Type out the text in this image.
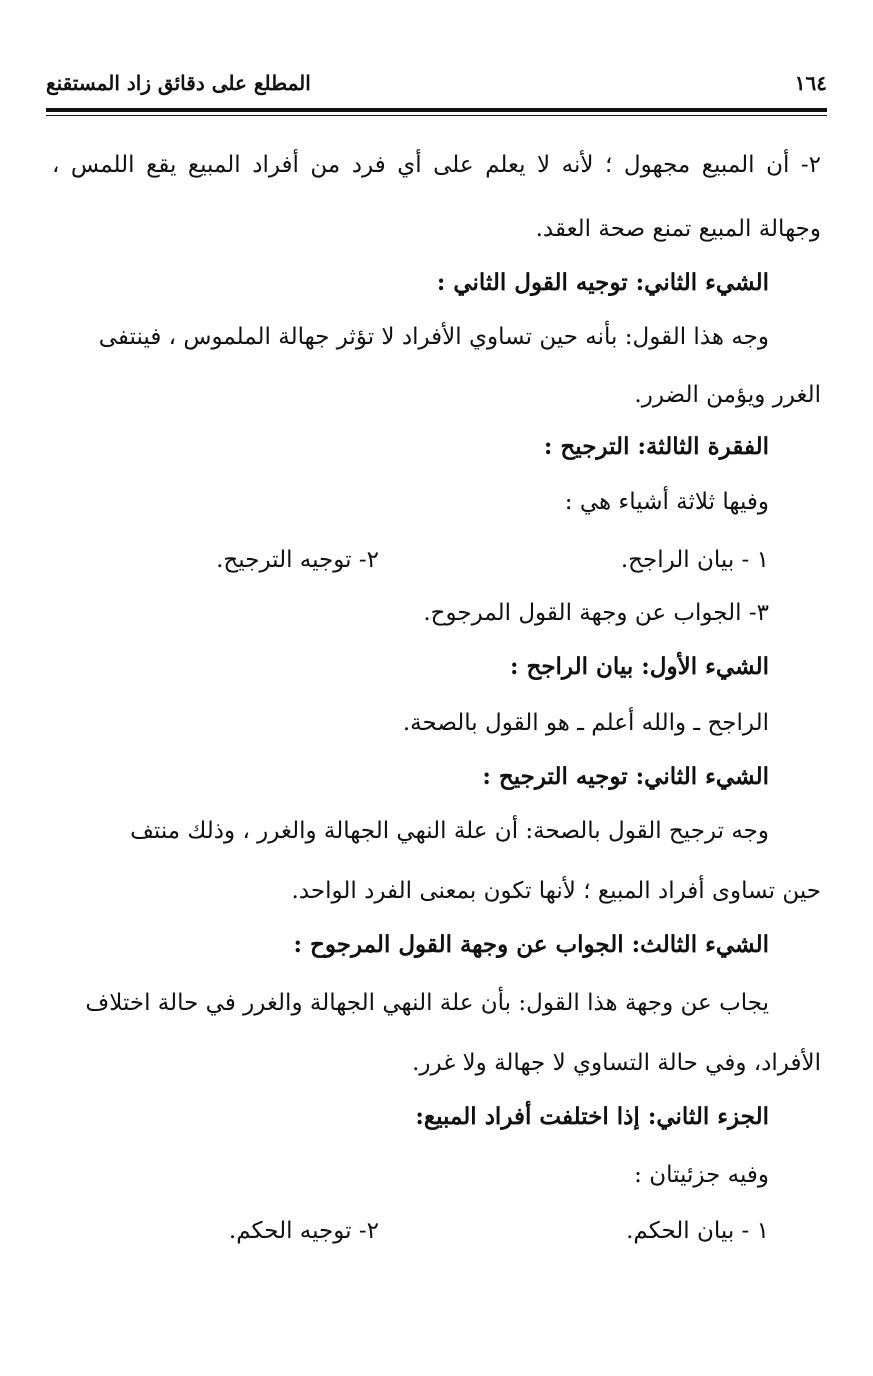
١٦٤
المطلع على دقائق زاد المستقنع
٢- أن المبيع مجهول ؛ لأنه لا يعلم على أي فرد من أفراد المبيع يقع اللمس ،
وجهالة المبيع تمنع صحة العقد.
الشيء الثاني: توجيه القول الثاني :
وجه هذا القول: بأنه حين تساوي الأفراد لا تؤثر جهالة الملموس ، فينتفى
الغرر ويؤمن الضرر.
الفقرة الثالثة: الترجيح :
وفيها ثلاثة أشياء هي :
١ - بيان الراجح.
٢- توجيه الترجيح.
٣- الجواب عن وجهة القول المرجوح.
الشيء الأول: بيان الراجح :
الراجح ـ والله أعلم ـ هو القول بالصحة.
الشيء الثاني: توجيه الترجيح :
وجه ترجيح القول بالصحة: أن علة النهي الجهالة والغرر ، وذلك منتف
حين تساوى أفراد المبيع ؛ لأنها تكون بمعنى الفرد الواحد.
الشيء الثالث: الجواب عن وجهة القول المرجوح :
يجاب عن وجهة هذا القول: بأن علة النهي الجهالة والغرر في حالة اختلاف
الأفراد، وفي حالة التساوي لا جهالة ولا غرر.
الجزء الثاني: إذا اختلفت أفراد المبيع:
وفيه جزئيتان :
١ - بيان الحكم.
٢- توجيه الحكم.
